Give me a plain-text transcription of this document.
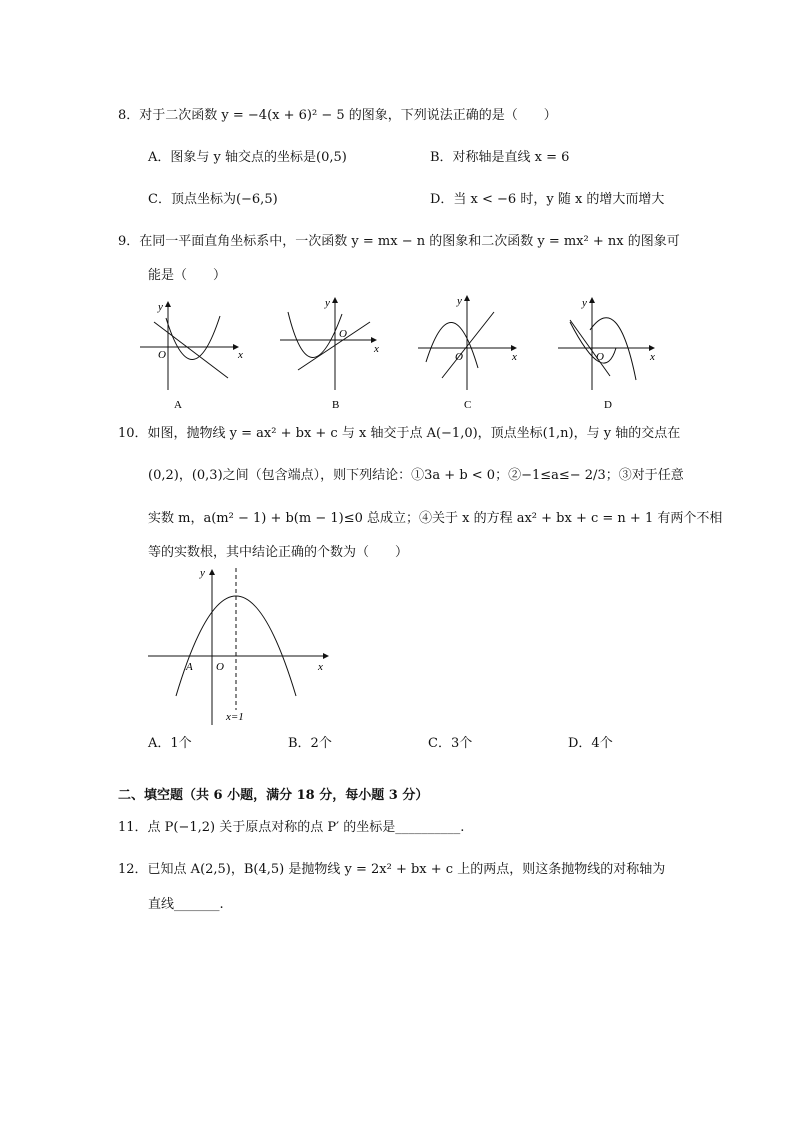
8．对于二次函数 y = −4(x + 6)² − 5 的图象，下列说法正确的是（　　）
A．图象与 y 轴交点的坐标是(0,5)	B．对称轴是直线 x = 6
C．顶点坐标为(−6,5)	D．当 x < −6 时，y 随 x 的增大而增大
9．在同一平面直角坐标系中，一次函数 y = mx − n 的图象和二次函数 y = mx² + nx 的图象可
能是（　　）
y
x
O
A
y
x
O
B
y
x
O
C
y
x
O
D
10．如图，抛物线 y = ax² + bx + c 与 x 轴交于点 A(−1,0)，顶点坐标(1,n)，与 y 轴的交点在
(0,2)，(0,3)之间（包含端点），则下列结论：①3a + b < 0；②−1≤a≤− 2/3；③对于任意
实数 m，a(m² − 1) + b(m − 1)≤0 总成立；④关于 x 的方程 ax² + bx + c = n + 1 有两个不相
等的实数根，其中结论正确的个数为（　　）
y
x
A O
x=1
A．1个	B．2个	C．3个	D．4个
二、填空题（共 6 小题，满分 18 分，每小题 3 分）
11．点 P(−1,2) 关于原点对称的点 P′ 的坐标是__________.
12．已知点 A(2,5)，B(4,5) 是抛物线 y = 2x² + bx + c 上的两点，则这条抛物线的对称轴为
直线_______.
